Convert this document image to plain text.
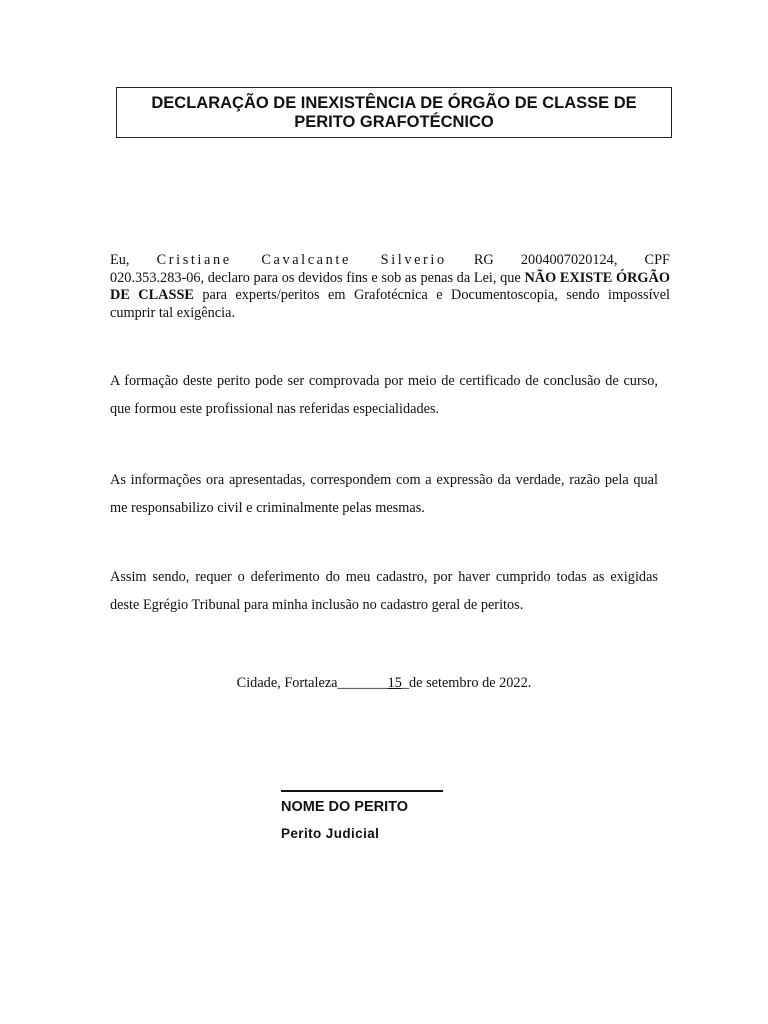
DECLARAÇÃO DE INEXISTÊNCIA DE ÓRGÃO DE CLASSE DE
PERITO GRAFOTÉCNICO
Eu, Cristiane Cavalcante Silverio RG 2004007020124, CPF
020.353.283-06, declaro para os devidos fins e sob as penas da Lei, que NÃO EXISTE ÓRGÃO DE CLASSE para experts/peritos em Grafotécnica e Documentoscopia, sendo impossível cumprir tal exigência.
A formação deste perito pode ser comprovada por meio de certificado de conclusão de curso, que formou este profissional nas referidas especialidades.
As informações ora apresentadas, correspondem com a expressão da verdade, razão pela qual me responsabilizo civil e criminalmente pelas mesmas.
Assim sendo, requer o deferimento do meu cadastro, por haver cumprido todas as exigidas deste Egrégio Tribunal para minha inclusão no cadastro geral de peritos.
Cidade, Fortaleza_______15_de setembro de 2022.
NOME DO PERITO
Perito Judicial
